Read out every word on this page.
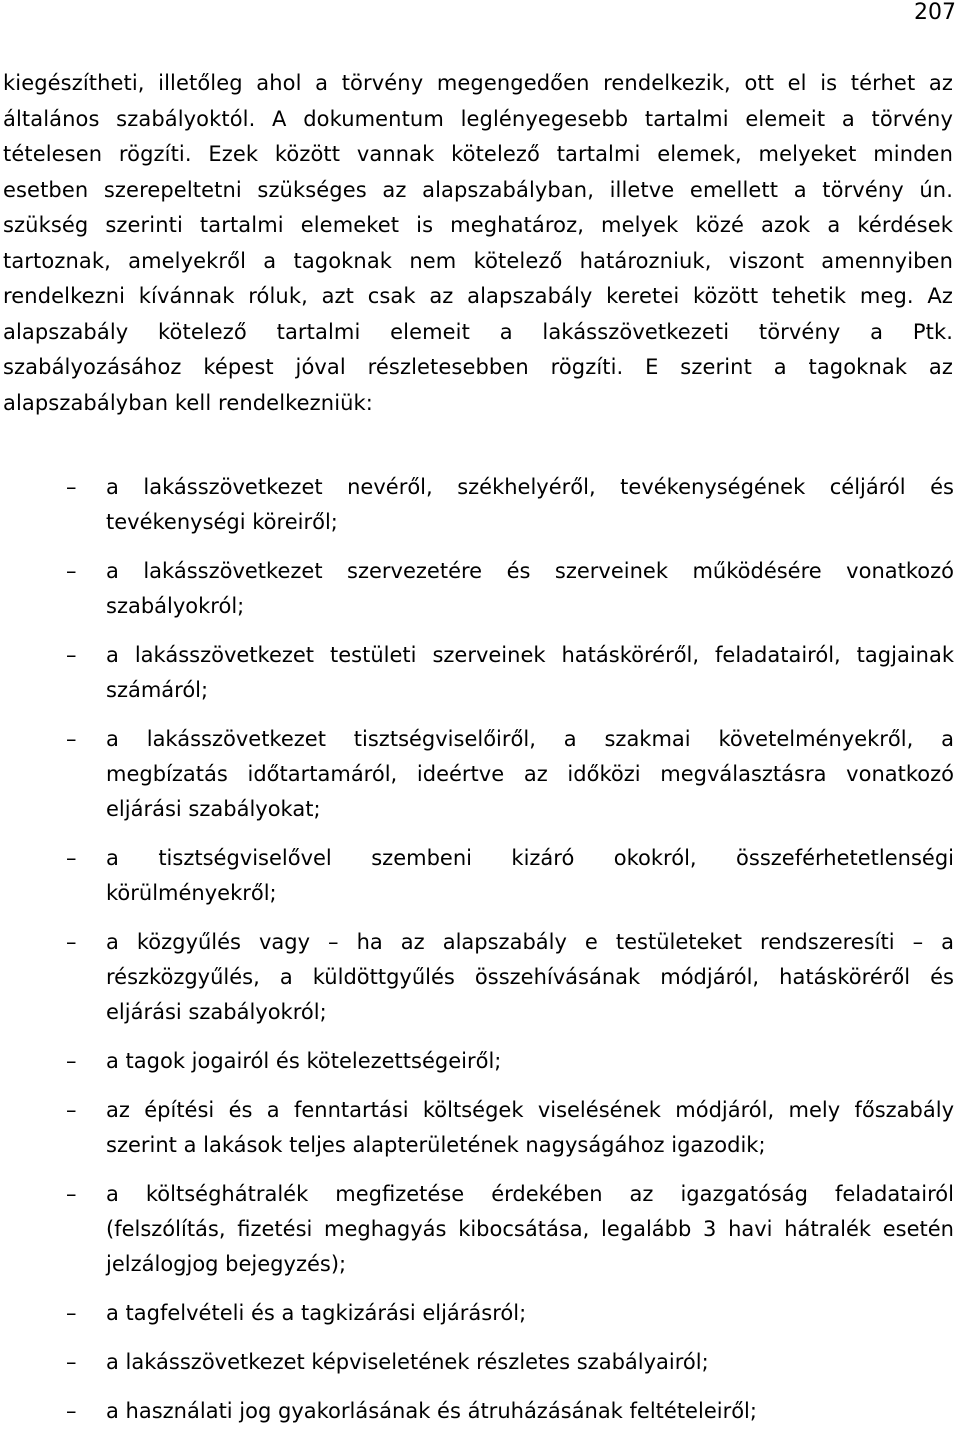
207

kiegészítheti, illetőleg ahol a törvény megengedően rendelkezik, ott el is térhet az általános szabályoktól. A dokumentum leglényegesebb tartalmi elemeit a törvény tételesen rögzíti. Ezek között vannak kötelező tartalmi elemek, melyeket minden esetben szerepeltetni szükséges az alapszabályban, illetve emellett a törvény ún. szükség szerinti tartalmi elemeket is meghatároz, melyek közé azok a kérdések tartoznak, amelyekről a tagoknak nem kötelező határozniuk, viszont amennyiben rendelkezni kívánnak róluk, azt csak az alapszabály keretei között tehetik meg. Az alapszabály kötelező tartalmi elemeit a lakásszövetkezeti törvény a Ptk. szabályozásához képest jóval részletesebben rögzíti. E szerint a tagoknak az alapszabályban kell rendelkezniük:

–	a lakásszövetkezet nevéről, székhelyéről, tevékenységének céljáról és tevékenységi köreiről;
–	a lakásszövetkezet szervezetére és szerveinek működésére vonatkozó szabályokról;
–	a lakásszövetkezet testületi szerveinek hatásköréről, feladatairól, tagjainak számáról;
–	a lakásszövetkezet tisztségviselőiről, a szakmai követelményekről, a megbízatás időtartamáról, ideértve az időközi megválasztásra vonatkozó eljárási szabályokat;
–	a tisztségviselővel szembeni kizáró okokról, összeférhetetlenségi körülményekről;
–	a közgyűlés vagy – ha az alapszabály e testületeket rendszeresíti – a részközgyűlés, a küldöttgyűlés összehívásának módjáról, hatásköréről és eljárási szabályokról;
–	a tagok jogairól és kötelezettségeiről;
–	az építési és a fenntartási költségek viselésének módjáról, mely főszabály szerint a lakások teljes alapterületének nagyságához igazodik;
–	a költséghátralék megfizetése érdekében az igazgatóság feladatairól (felszólítás, fizetési meghagyás kibocsátása, legalább 3 havi hátralék esetén jelzálogjog bejegyzés);
–	a tagfelvételi és a tagkizárási eljárásról;
–	a lakásszövetkezet képviseletének részletes szabályairól;
–	a használati jog gyakorlásának és átruházásának feltételeiről;
